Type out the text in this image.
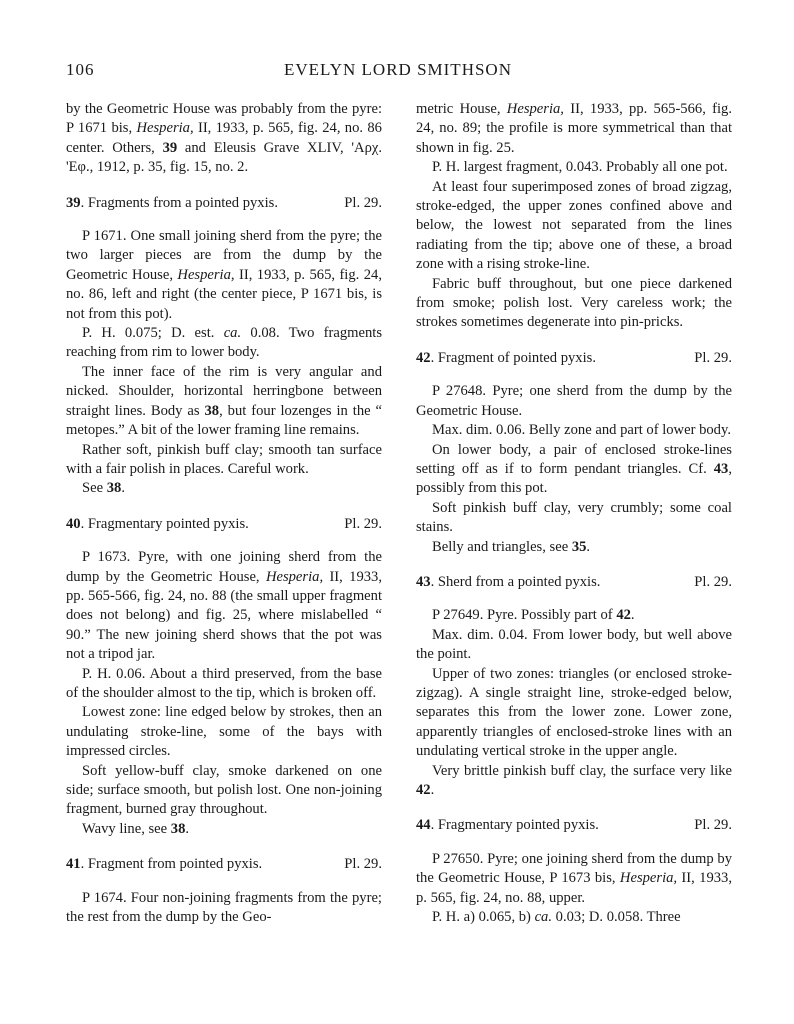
106	EVELYN LORD SMITHSON

by the Geometric House was probably from the pyre: P 1671 bis, Hesperia, II, 1933, p. 565, fig. 24, no. 86 center. Others, 39 and Eleusis Grave XLIV, 'Αρχ. 'Εφ., 1912, p. 35, fig. 15, no. 2.

39. Fragments from a pointed pyxis.	Pl. 29.

P 1671. One small joining sherd from the pyre; the two larger pieces are from the dump by the Geometric House, Hesperia, II, 1933, p. 565, fig. 24, no. 86, left and right (the center piece, P 1671 bis, is not from this pot).

P. H. 0.075; D. est. ca. 0.08. Two fragments reaching from rim to lower body.

The inner face of the rim is very angular and nicked. Shoulder, horizontal herringbone between straight lines. Body as 38, but four lozenges in the “ metopes.” A bit of the lower framing line remains.

Rather soft, pinkish buff clay; smooth tan surface with a fair polish in places. Careful work.

See 38.

40. Fragmentary pointed pyxis.	Pl. 29.

P 1673. Pyre, with one joining sherd from the dump by the Geometric House, Hesperia, II, 1933, pp. 565-566, fig. 24, no. 88 (the small upper fragment does not belong) and fig. 25, where mislabelled “ 90.” The new joining sherd shows that the pot was not a tripod jar.

P. H. 0.06. About a third preserved, from the base of the shoulder almost to the tip, which is broken off.

Lowest zone: line edged below by strokes, then an undulating stroke-line, some of the bays with impressed circles.

Soft yellow-buff clay, smoke darkened on one side; surface smooth, but polish lost. One non-joining fragment, burned gray throughout.

Wavy line, see 38.

41. Fragment from pointed pyxis.	Pl. 29.

P 1674. Four non-joining fragments from the pyre; the rest from the dump by the Geo-

metric House, Hesperia, II, 1933, pp. 565-566, fig. 24, no. 89; the profile is more symmetrical than that shown in fig. 25.

P. H. largest fragment, 0.043. Probably all one pot.

At least four superimposed zones of broad zigzag, stroke-edged, the upper zones confined above and below, the lowest not separated from the lines radiating from the tip; above one of these, a broad zone with a rising stroke-line.

Fabric buff throughout, but one piece darkened from smoke; polish lost. Very careless work; the strokes sometimes degenerate into pin-pricks.

42. Fragment of pointed pyxis.	Pl. 29.

P 27648. Pyre; one sherd from the dump by the Geometric House.

Max. dim. 0.06. Belly zone and part of lower body.

On lower body, a pair of enclosed stroke-lines setting off as if to form pendant triangles. Cf. 43, possibly from this pot.

Soft pinkish buff clay, very crumbly; some coal stains.

Belly and triangles, see 35.

43. Sherd from a pointed pyxis.	Pl. 29.

P 27649. Pyre. Possibly part of 42.

Max. dim. 0.04. From lower body, but well above the point.

Upper of two zones: triangles (or enclosed stroke-zigzag). A single straight line, stroke-edged below, separates this from the lower zone. Lower zone, apparently triangles of enclosed-stroke lines with an undulating vertical stroke in the upper angle.

Very brittle pinkish buff clay, the surface very like 42.

44. Fragmentary pointed pyxis.	Pl. 29.

P 27650. Pyre; one joining sherd from the dump by the Geometric House, P 1673 bis, Hesperia, II, 1933, p. 565, fig. 24, no. 88, upper.

P. H. a) 0.065, b) ca. 0.03; D. 0.058. Three
